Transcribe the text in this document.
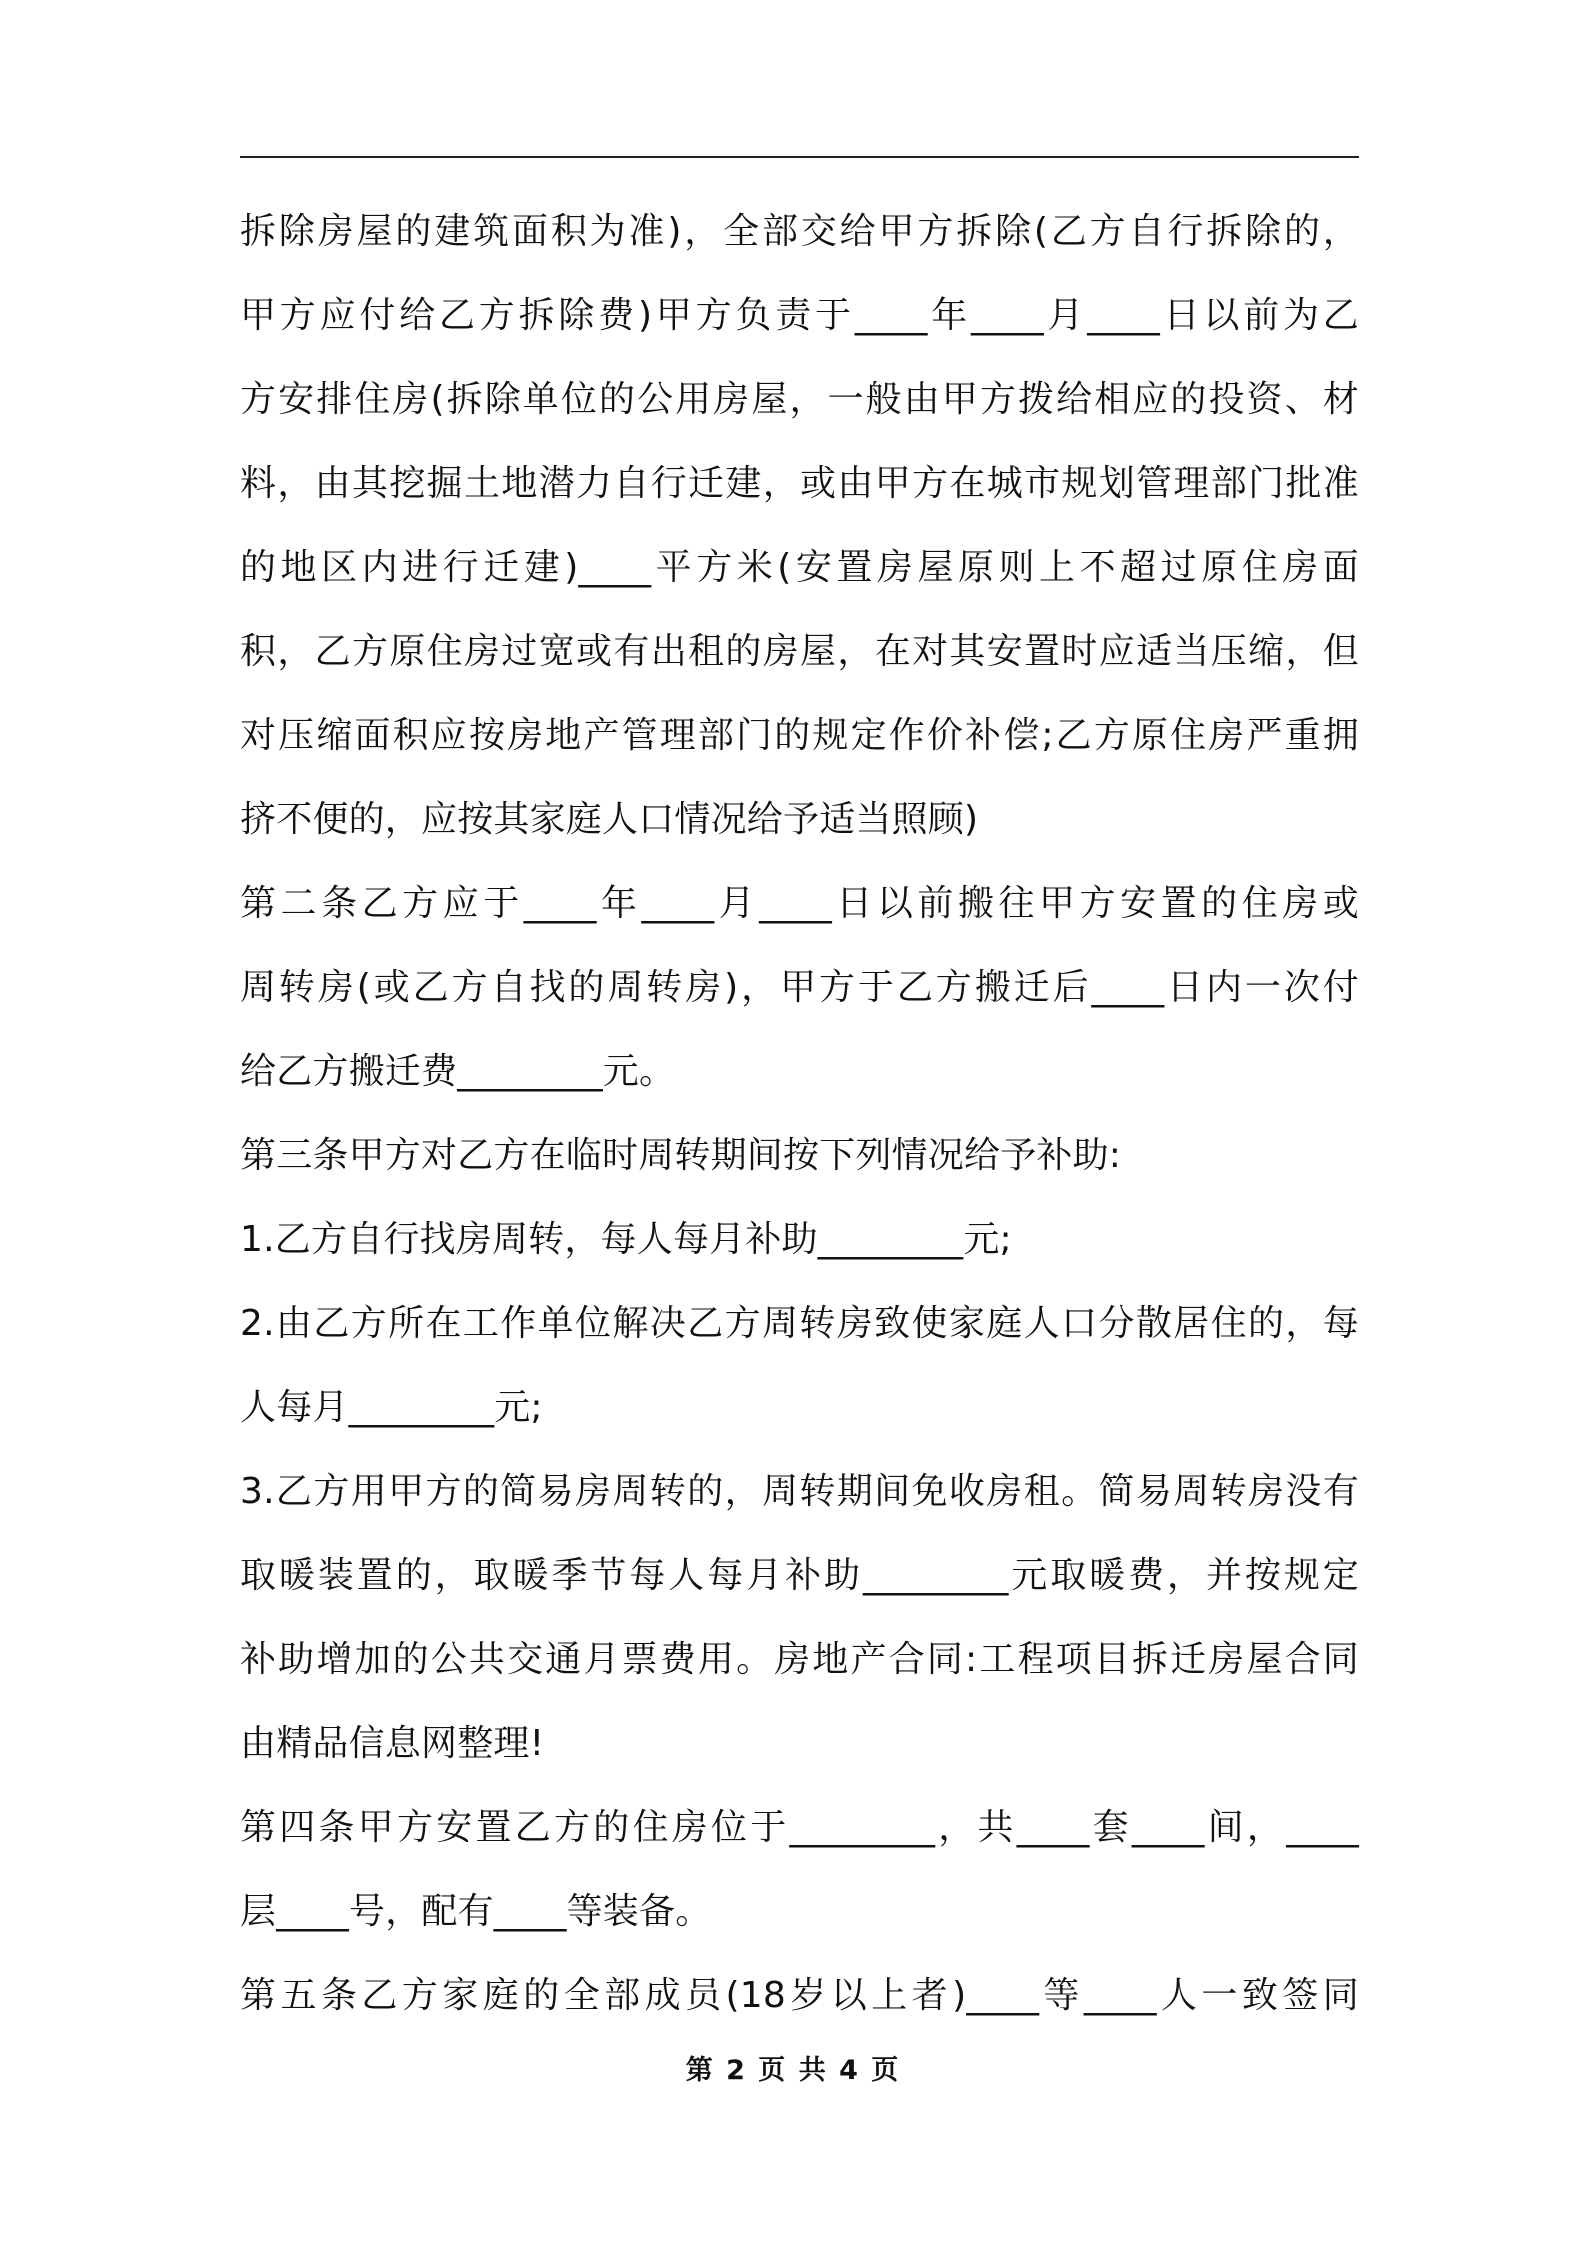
拆除房屋的建筑面积为准)，全部交给甲方拆除(乙方自行拆除的，
甲方应付给乙方拆除费)甲方负责于____年____月____日以前为乙
方安排住房(拆除单位的公用房屋，一般由甲方拨给相应的投资、材
料，由其挖掘土地潜力自行迁建，或由甲方在城市规划管理部门批准
的地区内进行迁建)____平方米(安置房屋原则上不超过原住房面
积，乙方原住房过宽或有出租的房屋，在对其安置时应适当压缩，但
对压缩面积应按房地产管理部门的规定作价补偿;乙方原住房严重拥
挤不便的，应按其家庭人口情况给予适当照顾)
第二条乙方应于____年____月____日以前搬往甲方安置的住房或
周转房(或乙方自找的周转房)，甲方于乙方搬迁后____日内一次付
给乙方搬迁费________元。
第三条甲方对乙方在临时周转期间按下列情况给予补助:
1.乙方自行找房周转，每人每月补助________元;
2.由乙方所在工作单位解决乙方周转房致使家庭人口分散居住的，每
人每月________元;
3.乙方用甲方的简易房周转的，周转期间免收房租。简易周转房没有
取暖装置的，取暖季节每人每月补助________元取暖费，并按规定
补助增加的公共交通月票费用。房地产合同:工程项目拆迁房屋合同
由精品信息网整理!
第四条甲方安置乙方的住房位于________，共____套____间，____
层____号，配有____等装备。
第五条乙方家庭的全部成员(18岁以上者)____等____人一致签同
第 2 页 共 4 页
